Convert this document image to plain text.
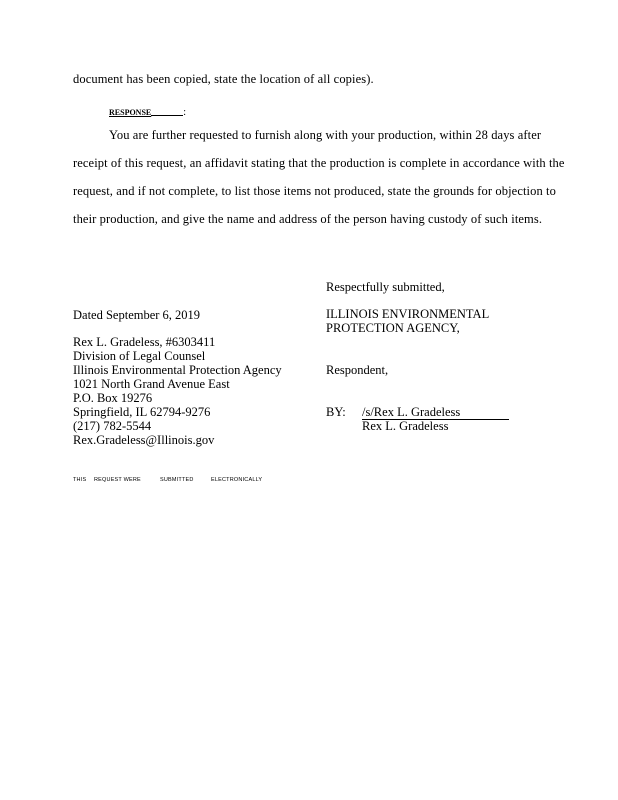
document has been copied, state the location of all copies).
RESPONSE	:
You are further requested to furnish along with your production, within 28 days after
receipt of this request, an affidavit stating that the production is complete in accordance with the
request, and if not complete, to list those items not produced, state the grounds for objection to
their production, and give the name and address of the person having custody of such items.
Respectfully submitted,
Dated September 6, 2019	ILLINOIS ENVIRONMENTAL
PROTECTION AGENCY,
Rex L. Gradeless, #6303411
Division of Legal Counsel
Illinois Environmental Protection Agency
1021 North Grand Avenue East
P.O. Box 19276
Springfield, IL 62794-9276
(217) 782-5544
Rex.Gradeless@Illinois.gov
Respondent,
BY: /s/Rex L. Gradeless
Rex L. Gradeless
THIS REQUEST WERE	SUBMITTED	ELECTRONICALLY
